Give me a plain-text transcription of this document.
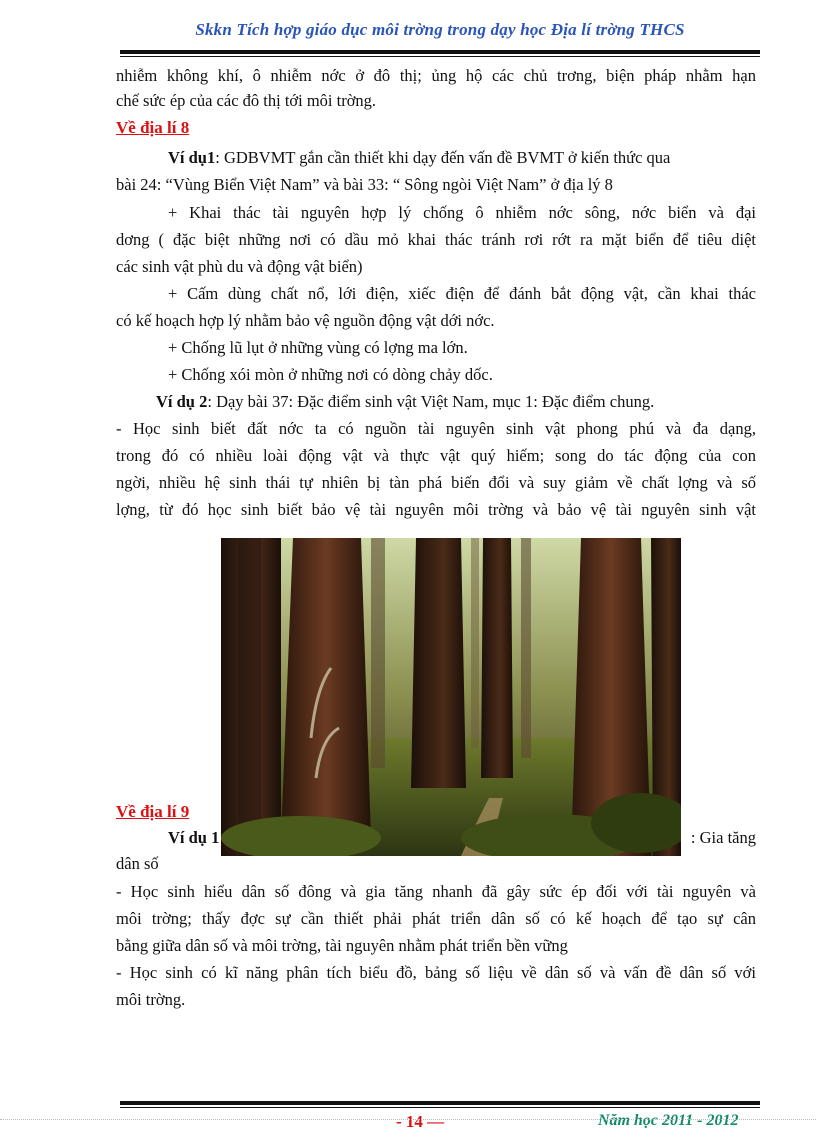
Skkn Tích hợp giáo dục môi trờng trong dạy học Địa lí trờng THCS
nhiễm không khí, ô nhiễm nớc ở đô thị; ủng hộ các chủ trơng, biện pháp nhằm hạn
chế sức ép của các đô thị tới môi trờng.
Về địa lí 8
Ví dụ1: GDBVMT gắn cần thiết khi dạy đến vấn đề BVMT ở kiến thức qua
bài 24: “Vùng Biển Việt Nam” và bài 33: “ Sông ngòi Việt Nam” ở địa lý 8
+ Khai thác tài nguyên hợp lý chống ô nhiễm nớc sông, nớc biển và đại
dơng ( đặc biệt những nơi có dầu mỏ khai thác tránh rơi rớt ra mặt biển để tiêu diệt
các sinh vật phù du và động vật biển)
+ Cấm dùng chất nổ, lới điện, xiếc điện để đánh bắt động vật, cần khai thác
có kế hoạch hợp lý nhằm bảo vệ nguồn động vật dới nớc.
+ Chống lũ lụt ở những vùng có lợng ma lớn.
+ Chống xói mòn ở những nơi có dòng chảy dốc.
Ví dụ 2: Dạy bài 37: Đặc điểm sinh vật Việt Nam, mục 1: Đặc điểm chung.
- Học sinh biết đất nớc ta có nguồn tài nguyên sinh vật phong phú và đa dạng,
trong đó có nhiều loài động vật và thực vật quý hiếm; song do tác động của con
ngời, nhiều hệ sinh thái tự nhiên bị tàn phá biến đổi và suy giảm về chất lợng và số
lợng, từ đó học sinh biết bảo vệ tài nguyên môi trờng và bảo vệ tài nguyên sinh vật
Về địa lí 9
Ví dụ 1	: Gia tăng
dân số
- Học sinh hiểu dân số đông và gia tăng nhanh đã gây sức ép đối với tài nguyên và
môi trờng; thấy đợc sự cần thiết phải phát triển dân số có kế hoạch để tạo sự cân
bằng giữa dân số và môi trờng, tài nguyên nhằm phát triển bền vững
- Học sinh có kĩ năng phân tích biểu đồ, bảng số liệu về dân số và vấn đề dân số với
môi trờng.
- 14 —	Năm học 2011 - 2012
